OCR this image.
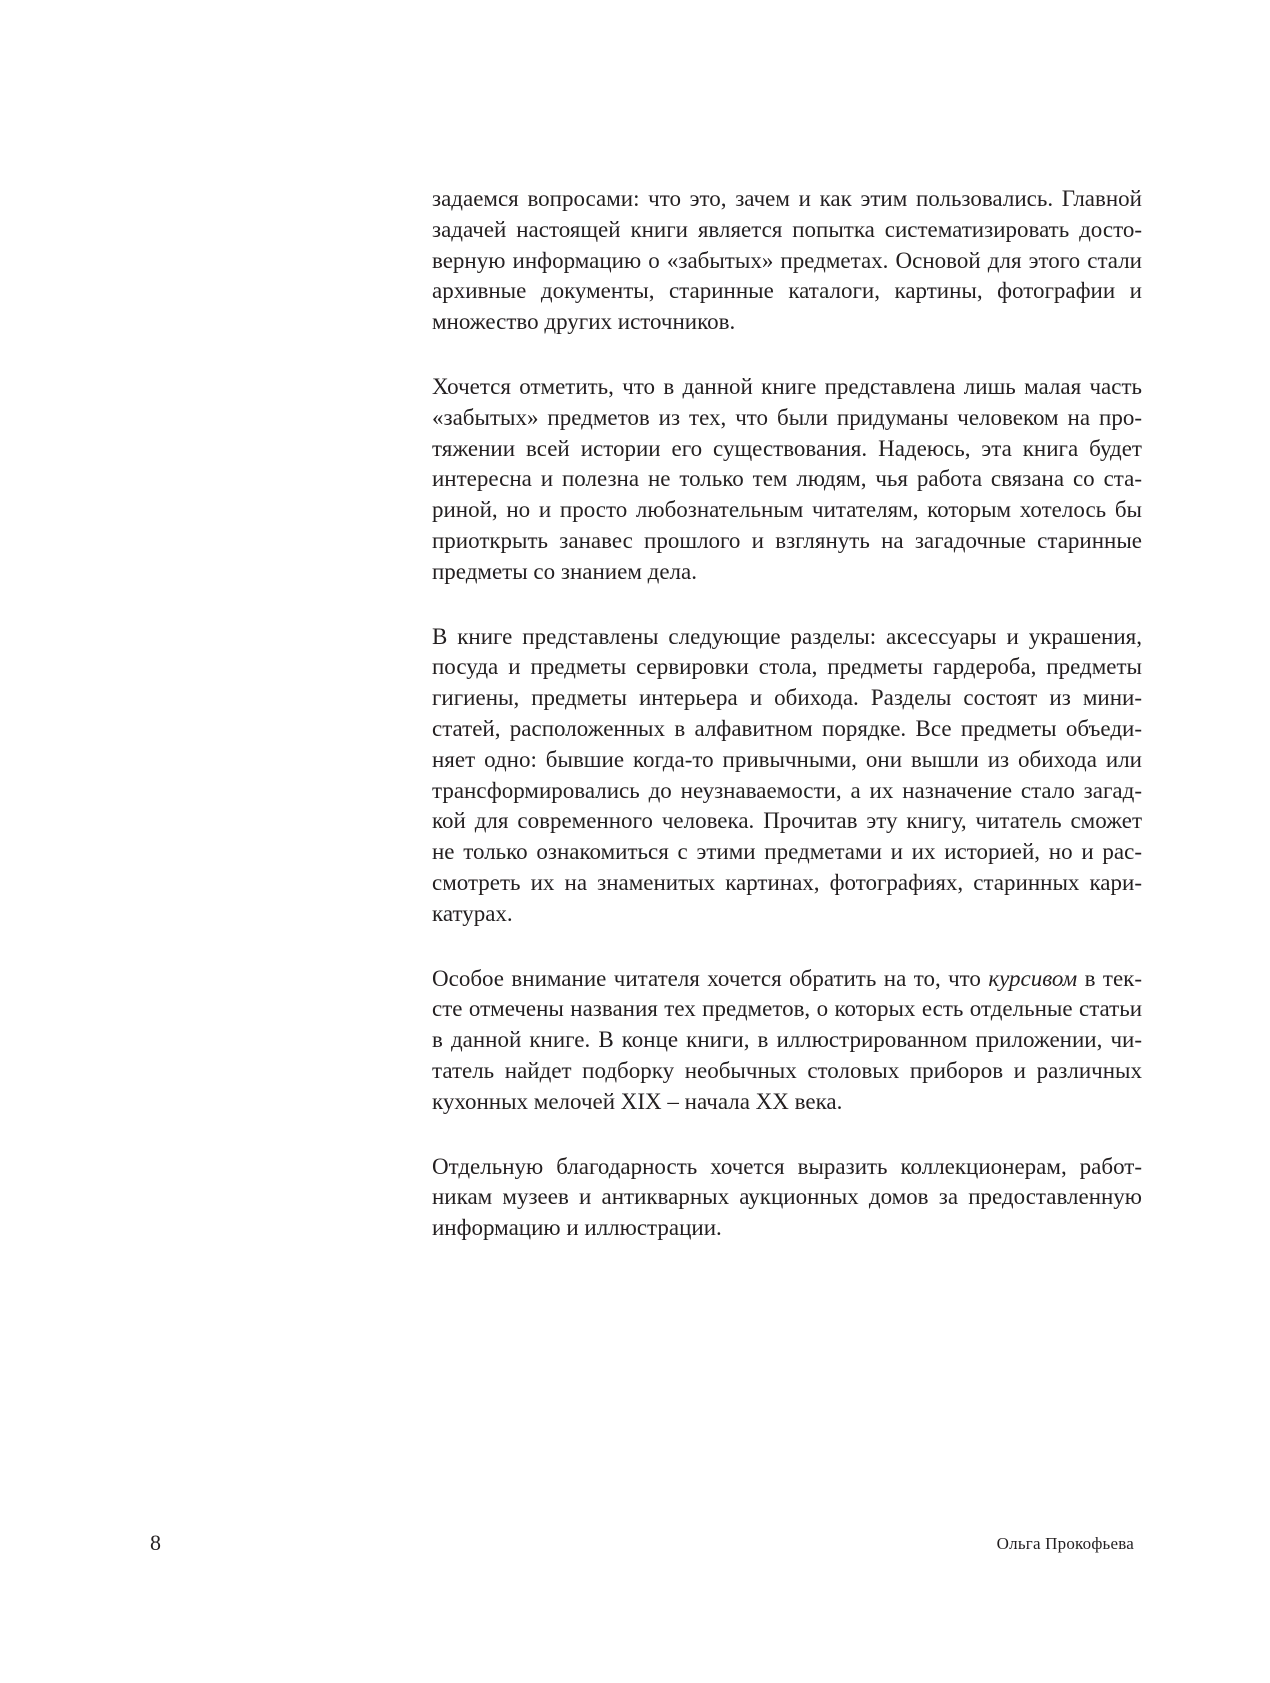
задаемся вопросами: что это, зачем и как этим пользовались. Главной задачей настоящей книги является попытка систематизировать достоверную информацию о «забытых» предметах. Основой для этого стали архивные документы, старинные каталоги, картины, фотографии и множество других источников.

Хочется отметить, что в данной книге представлена лишь малая часть «забытых» предметов из тех, что были придуманы человеком на протяжении всей истории его существования. Надеюсь, эта книга будет интересна и полезна не только тем людям, чья работа связана со стариной, но и просто любознательным читателям, которым хотелось бы приоткрыть занавес прошлого и взглянуть на загадочные старинные предметы со знанием дела.

В книге представлены следующие разделы: аксессуары и украшения, посуда и предметы сервировки стола, предметы гардероба, предметы гигиены, предметы интерьера и обихода. Разделы состоят из министатей, расположенных в алфавитном порядке. Все предметы объединяет одно: бывшие когда-то привычными, они вышли из обихода или трансформировались до неузнаваемости, а их назначение стало загадкой для современного человека. Прочитав эту книгу, читатель сможет не только ознакомиться с этими предметами и их историей, но и рассмотреть их на знаменитых картинах, фотографиях, старинных карикатурах.

Особое внимание читателя хочется обратить на то, что курсивом в тексте отмечены названия тех предметов, о которых есть отдельные статьи в данной книге. В конце книги, в иллюстрированном приложении, читатель найдет подборку необычных столовых приборов и различных кухонных мелочей XIX – начала XX века.

Отдельную благодарность хочется выразить коллекционерам, работникам музеев и антикварных аукционных домов за предоставленную информацию и иллюстрации.

8	Ольга Прокофьева
